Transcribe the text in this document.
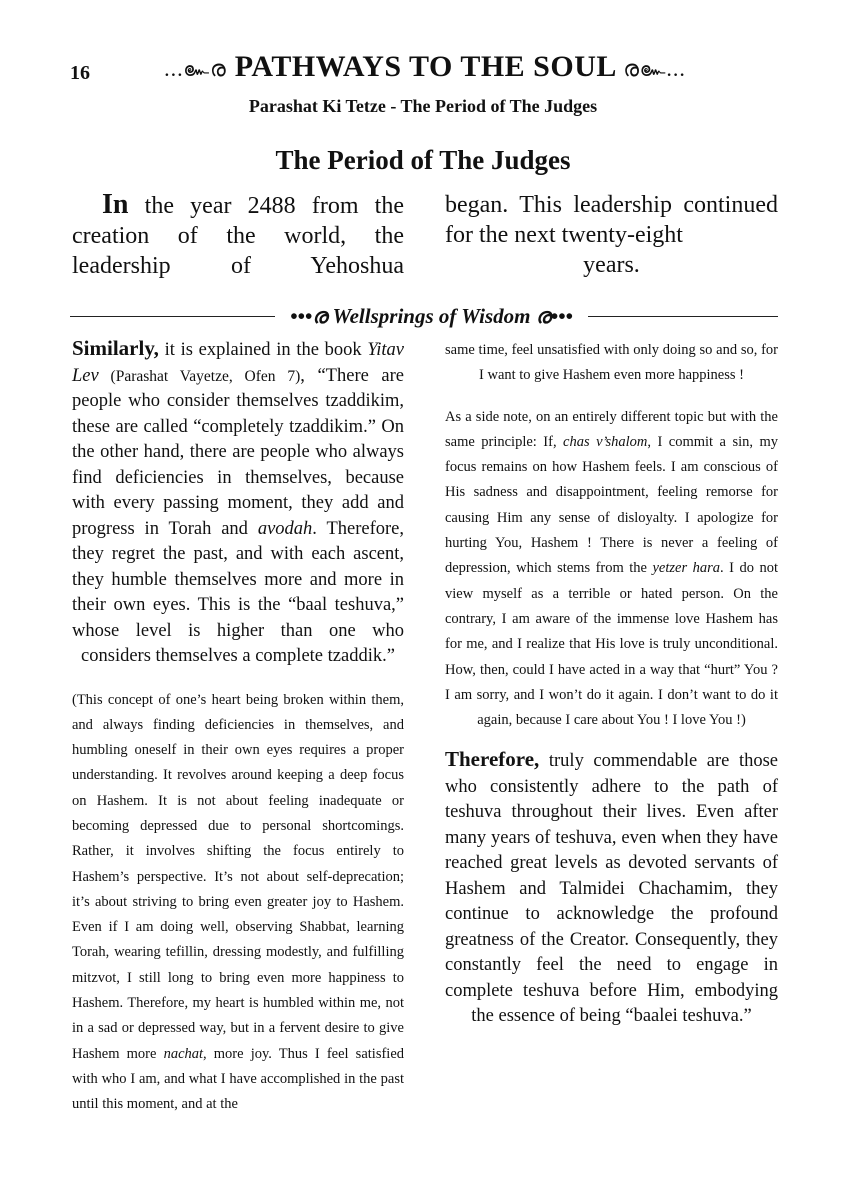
16	...๛ര PATHWAYS TO THE SOUL ര๛...
Parashat Ki Tetze - The Period of The Judges
The Period of The Judges
In the year 2488 from the creation of the world, the leadership of Yehoshua
began. This leadership continued for the next twenty-eight
years.
•••ര Wellsprings of Wisdom ര•••

Similarly, it is explained in the book Yitav Lev (Parashat Vayetze, Ofen 7), “There are people who consider themselves tzaddikim, these are called “completely tzaddikim.” On the other hand, there are people who always find deficiencies in themselves, because with every passing moment, they add and progress in Torah and avodah. Therefore, they regret the past, and with each ascent, they humble themselves more and more in their own eyes. This is the “baal teshuva,” whose level is higher than one who considers themselves a complete tzaddik.”

(This concept of one’s heart being broken within them, and always finding deficiencies in themselves, and humbling oneself in their own eyes requires a proper understanding. It revolves around keeping a deep focus on Hashem. It is not about feeling inadequate or becoming depressed due to personal shortcomings. Rather, it involves shifting the focus entirely to Hashem’s perspective. It’s not about self-deprecation; it’s about striving to bring even greater joy to Hashem. Even if I am doing well, observing Shabbat, learning Torah, wearing tefillin, dressing modestly, and fulfilling mitzvot, I still long to bring even more happiness to Hashem. Therefore, my heart is humbled within me, not in a sad or depressed way, but in a fervent desire to give Hashem more nachat, more joy. Thus I feel satisfied with who I am, and what I have accomplished in the past until this moment, and at the

same time, feel unsatisfied with only doing so and so, for I want to give Hashem even more happiness !

As a side note, on an entirely different topic but with the same principle: If, chas v’shalom, I commit a sin, my focus remains on how Hashem feels. I am conscious of His sadness and disappointment, feeling remorse for causing Him any sense of disloyalty. I apologize for hurting You, Hashem ! There is never a feeling of depression, which stems from the yetzer hara. I do not view myself as a terrible or hated person. On the contrary, I am aware of the immense love Hashem has for me, and I realize that His love is truly unconditional. How, then, could I have acted in a way that “hurt” You ? I am sorry, and I won’t do it again. I don’t want to do it again, because I care about You ! I love You !)

Therefore, truly commendable are those who consistently adhere to the path of teshuva throughout their lives. Even after many years of teshuva, even when they have reached great levels as devoted servants of Hashem and Talmidei Chachamim, they continue to acknowledge the profound greatness of the Creator. Consequently, they constantly feel the need to engage in complete teshuva before Him, embodying the essence of being “baalei teshuva.”
